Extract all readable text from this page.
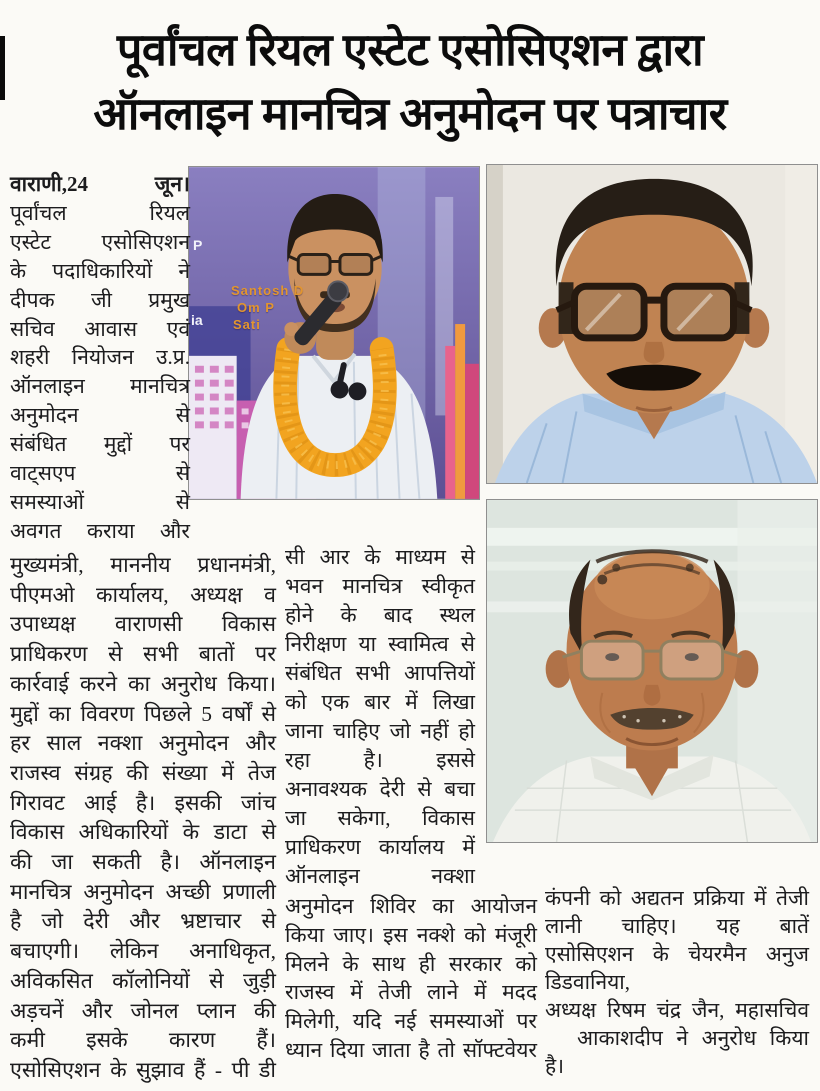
पूर्वांचल रियल एस्टेट एसोसिएशन द्वारा
ऑनलाइन मानचित्र अनुमोदन पर पत्राचार
P
ia
Santosh D
Om P
Sati
वाराणी,24 जून।
पूर्वांचल रियल
एस्टेट एसोसिएशन
के पदाधिकारियों ने
दीपक जी प्रमुख
सचिव आवास एवं
शहरी नियोजन उ.प्र.
ऑनलाइन मानचित्र
अनुमोदन से
संबंधित मुद्दों पर
वाट्सएप से
समस्याओं से
अवगत कराया और
मुख्यमंत्री, माननीय प्रधानमंत्री,
पीएमओ कार्यालय, अध्यक्ष व
उपाध्यक्ष वाराणसी विकास
प्राधिकरण से सभी बातों पर
कार्रवाई करने का अनुरोध किया।
मुद्दों का विवरण पिछले 5 वर्षों से
हर साल नक्शा अनुमोदन और
राजस्व संग्रह की संख्या में तेज
गिरावट आई है। इसकी जांच
विकास अधिकारियों के डाटा से
की जा सकती है। ऑनलाइन
मानचित्र अनुमोदन अच्छी प्रणाली
है जो देरी और भ्रष्टाचार से
बचाएगी। लेकिन अनाधिकृत,
अविकसित कॉलोनियों से जुड़ी
अड़चनें और जोनल प्लान की
कमी इसके कारण हैं।
एसोसिएशन के सुझाव हैं - पी डी
सी आर के माध्यम से
भवन मानचित्र स्वीकृत
होने के बाद स्थल
निरीक्षण या स्वामित्व से
संबंधित सभी आपत्तियों
को एक बार में लिखा
जाना चाहिए जो नहीं हो
रहा है। इससे
अनावश्यक देरी से बचा
जा सकेगा, विकास
प्राधिकरण कार्यालय में
ऑनलाइन नक्शा
अनुमोदन शिविर का आयोजन
किया जाए। इस नक्शे को मंजूरी
मिलने के साथ ही सरकार को
राजस्व में तेजी लाने में मदद
मिलेगी, यदि नई समस्याओं पर
ध्यान दिया जाता है तो सॉफ्टवेयर
कंपनी को अद्यतन प्रक्रिया में तेजी
लानी चाहिए। यह बातें
एसोसिएशन के चेयरमैन अनुज
डिडवानिया,
अध्यक्ष रिषम चंद्र जैन, महासचिव
आकाशदीप ने अनुरोध किया
है।
